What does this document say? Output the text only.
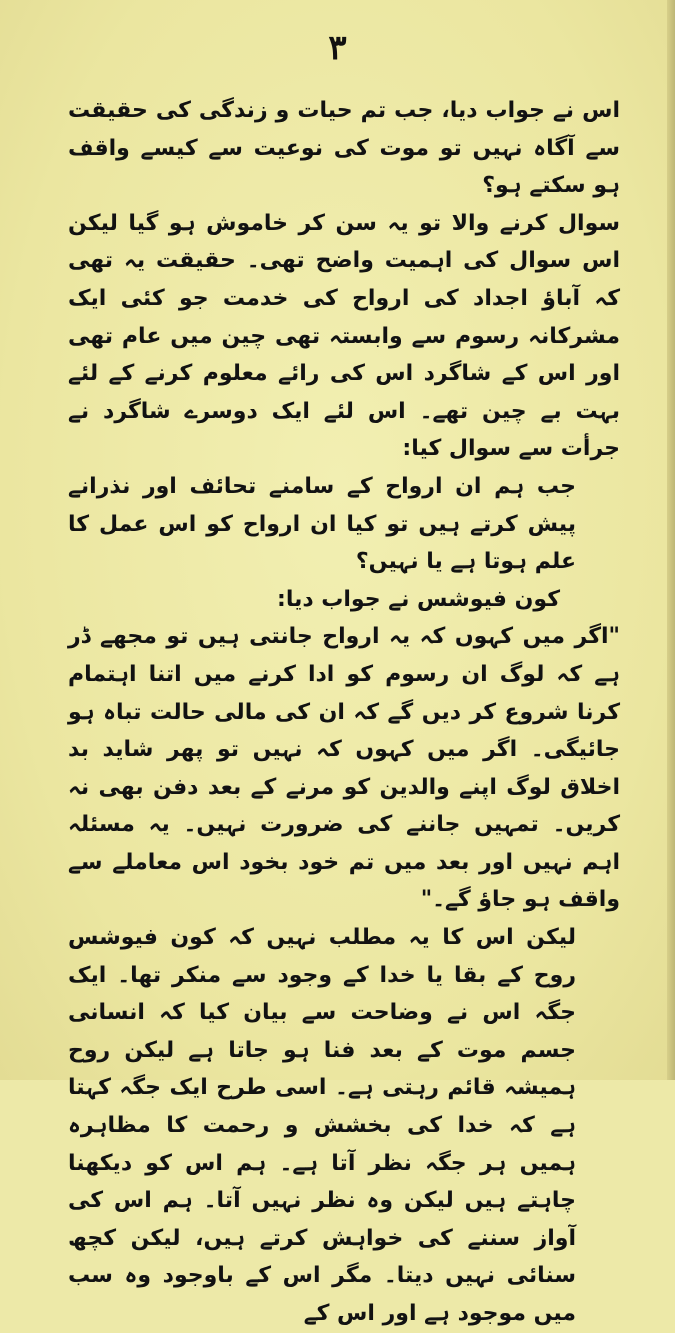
۳

اس نے جواب دیا، جب تم حیات و زندگی کی حقیقت سے آگاہ نہیں تو موت کی نوعیت سے کیسے واقف ہو سکتے ہو؟

سوال کرنے والا تو یہ سن کر خاموش ہو گیا لیکن اس سوال کی اہمیت واضح تھی۔ حقیقت یہ تھی کہ آباؤ اجداد کی ارواح کی خدمت جو کئی ایک مشرکانہ رسوم سے وابستہ تھی چین میں عام تھی اور اس کے شاگرد اس کی رائے معلوم کرنے کے لئے بہت بے چین تھے۔ اس لئے ایک دوسرے شاگرد نے جرأت سے سوال کیا:

جب ہم ان ارواح کے سامنے تحائف اور نذرانے پیش کرتے ہیں تو کیا ان ارواح کو اس عمل کا علم ہوتا ہے یا نہیں؟

کون فیوشس نے جواب دیا:

"اگر میں کہوں کہ یہ ارواح جانتی ہیں تو مجھے ڈر ہے کہ لوگ ان رسوم کو ادا کرنے میں اتنا اہتمام کرنا شروع کر دیں گے کہ ان کی مالی حالت تباہ ہو جائیگی۔ اگر میں کہوں کہ نہیں تو پھر شاید بد اخلاق لوگ اپنے والدین کو مرنے کے بعد دفن بھی نہ کریں۔ تمہیں جاننے کی ضرورت نہیں۔ یہ مسئلہ اہم نہیں اور بعد میں تم خود بخود اس معاملے سے واقف ہو جاؤ گے۔"

لیکن اس کا یہ مطلب نہیں کہ کون فیوشس روح کے بقا یا خدا کے وجود سے منکر تھا۔ ایک جگہ اس نے وضاحت سے بیان کیا کہ انسانی جسم موت کے بعد فنا ہو جاتا ہے لیکن روح ہمیشہ قائم رہتی ہے۔ اسی طرح ایک جگہ کہتا ہے کہ خدا کی بخشش و رحمت کا مظاہرہ ہمیں ہر جگہ نظر آتا ہے۔ ہم اس کو دیکھنا چاہتے ہیں لیکن وہ نظر نہیں آتا۔ ہم اس کی آواز سننے کی خواہش کرتے ہیں، لیکن کچھ سنائی نہیں دیتا۔ مگر اس کے باوجود وہ سب میں موجود ہے اور اس کے
